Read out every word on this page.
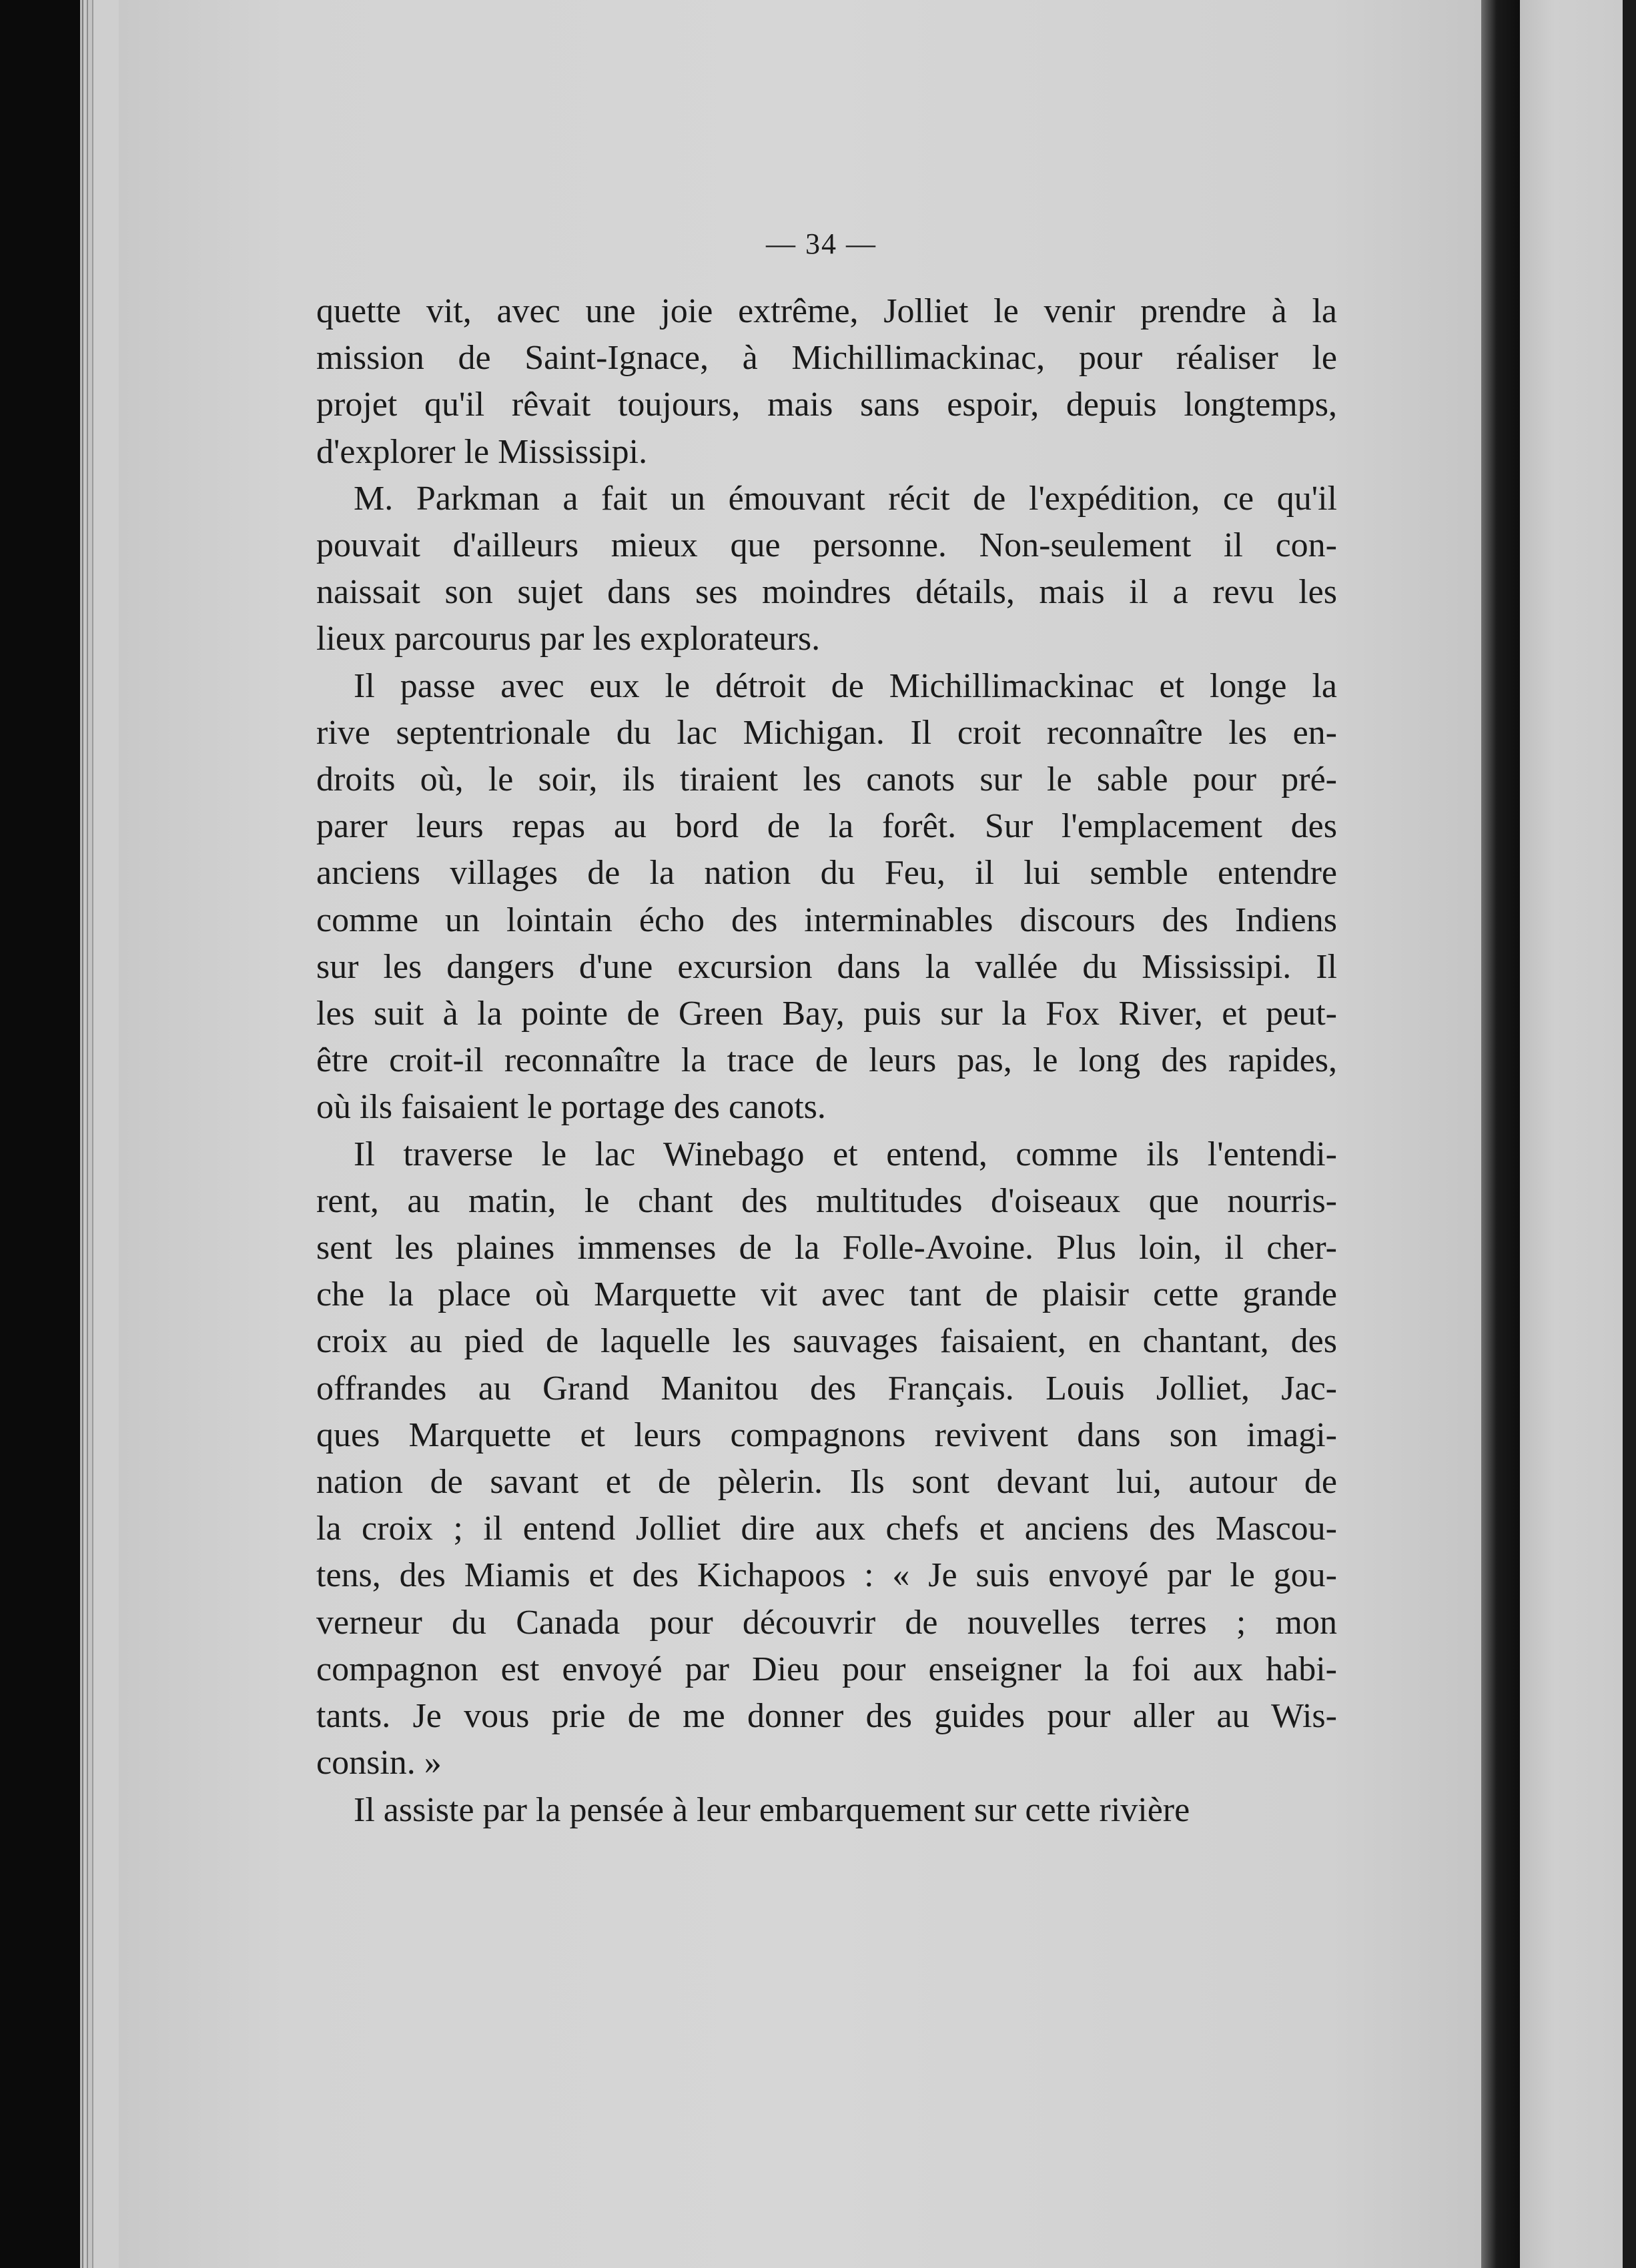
— 34 —
quette vit, avec une joie extrême, Jolliet le venir prendre à la
mission de Saint-Ignace, à Michillimackinac, pour réaliser le
projet qu'il rêvait toujours, mais sans espoir, depuis longtemps,
d'explorer le Mississipi.
M. Parkman a fait un émouvant récit de l'expédition, ce qu'il
pouvait d'ailleurs mieux que personne. Non-seulement il con-
naissait son sujet dans ses moindres détails, mais il a revu les
lieux parcourus par les explorateurs.
Il passe avec eux le détroit de Michillimackinac et longe la
rive septentrionale du lac Michigan. Il croit reconnaître les en-
droits où, le soir, ils tiraient les canots sur le sable pour pré-
parer leurs repas au bord de la forêt. Sur l'emplacement des
anciens villages de la nation du Feu, il lui semble entendre
comme un lointain écho des interminables discours des Indiens
sur les dangers d'une excursion dans la vallée du Mississipi. Il
les suit à la pointe de Green Bay, puis sur la Fox River, et peut-
être croit-il reconnaître la trace de leurs pas, le long des rapides,
où ils faisaient le portage des canots.
Il traverse le lac Winebago et entend, comme ils l'entendi-
rent, au matin, le chant des multitudes d'oiseaux que nourris-
sent les plaines immenses de la Folle-Avoine. Plus loin, il cher-
che la place où Marquette vit avec tant de plaisir cette grande
croix au pied de laquelle les sauvages faisaient, en chantant, des
offrandes au Grand Manitou des Français. Louis Jolliet, Jac-
ques Marquette et leurs compagnons revivent dans son imagi-
nation de savant et de pèlerin. Ils sont devant lui, autour de
la croix ; il entend Jolliet dire aux chefs et anciens des Mascou-
tens, des Miamis et des Kichapoos : « Je suis envoyé par le gou-
verneur du Canada pour découvrir de nouvelles terres ; mon
compagnon est envoyé par Dieu pour enseigner la foi aux habi-
tants. Je vous prie de me donner des guides pour aller au Wis-
consin. »
Il assiste par la pensée à leur embarquement sur cette rivière
